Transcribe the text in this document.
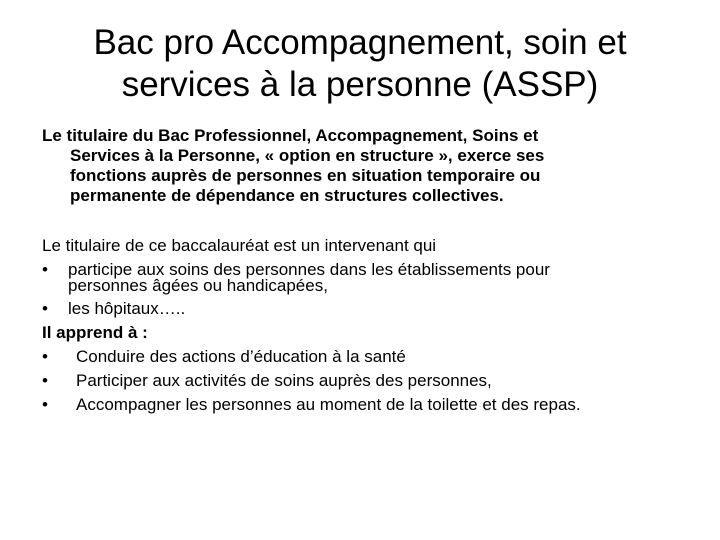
Bac pro Accompagnement, soin et
services à la personne (ASSP)
Le titulaire du Bac Professionnel, Accompagnement, Soins et
Services à la Personne, « option en structure », exerce ses
fonctions auprès de personnes en situation temporaire ou
permanente de dépendance en structures collectives.
Le titulaire de ce baccalauréat est un intervenant qui
•	participe aux soins des personnes dans les établissements pour
personnes âgées ou handicapées,
•	les hôpitaux…..
Il apprend à :
•	Conduire des actions d’éducation à la santé
•	Participer aux activités de soins auprès des personnes,
•	Accompagner les personnes au moment de la toilette et des repas.
